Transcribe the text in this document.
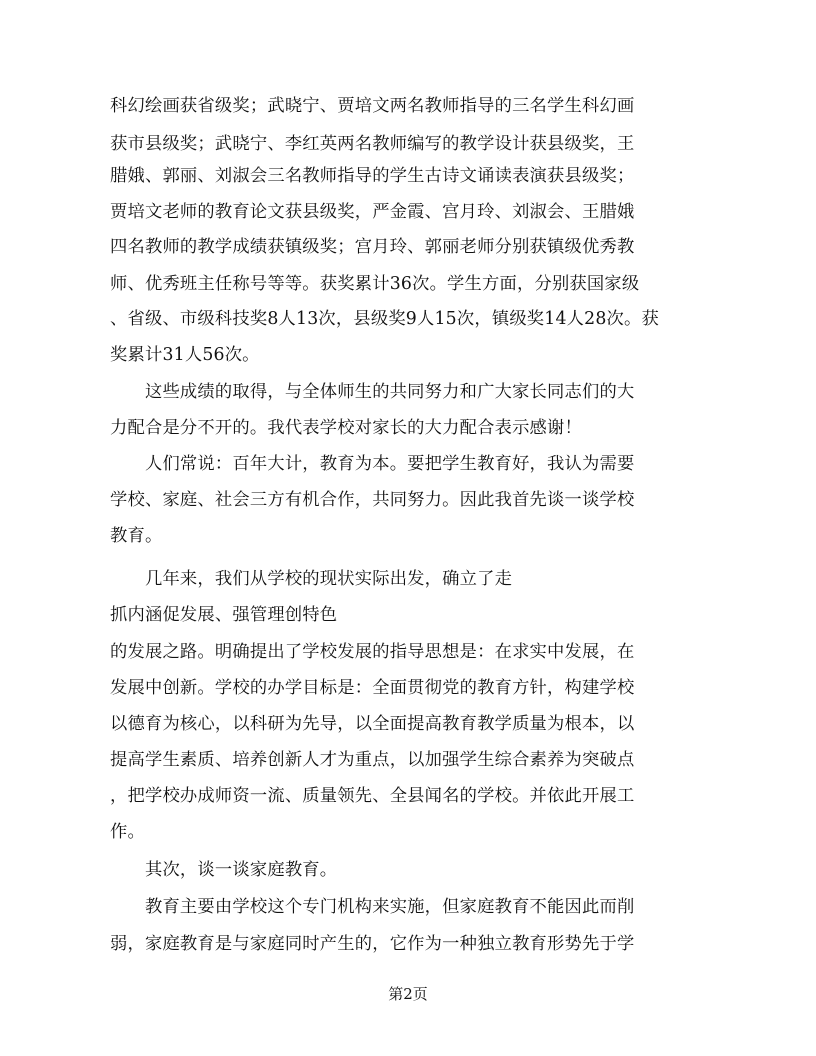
科幻绘画获省级奖；武晓宁、贾培文两名教师指导的三名学生科幻画
获市县级奖；武晓宁、李红英两名教师编写的教学设计获县级奖，王
腊娥、郭丽、刘淑会三名教师指导的学生古诗文诵读表演获县级奖；
贾培文老师的教育论文获县级奖，严金霞、宫月玲、刘淑会、王腊娥
四名教师的教学成绩获镇级奖；宫月玲、郭丽老师分别获镇级优秀教
师、优秀班主任称号等等。获奖累计36次。学生方面，分别获国家级
、省级、市级科技奖8人13次，县级奖9人15次，镇级奖14人28次。获
奖累计31人56次。
　　这些成绩的取得，与全体师生的共同努力和广大家长同志们的大
力配合是分不开的。我代表学校对家长的大力配合表示感谢！
　　人们常说：百年大计，教育为本。要把学生教育好，我认为需要
学校、家庭、社会三方有机合作，共同努力。因此我首先谈一谈学校
教育。
　　几年来，我们从学校的现状实际出发，确立了走
抓内涵促发展、强管理创特色
的发展之路。明确提出了学校发展的指导思想是：在求实中发展，在
发展中创新。学校的办学目标是：全面贯彻党的教育方针，构建学校
以德育为核心，以科研为先导，以全面提高教育教学质量为根本，以
提高学生素质、培养创新人才为重点，以加强学生综合素养为突破点
，把学校办成师资一流、质量领先、全县闻名的学校。并依此开展工
作。
　　其次，谈一谈家庭教育。
　　教育主要由学校这个专门机构来实施，但家庭教育不能因此而削
弱，家庭教育是与家庭同时产生的，它作为一种独立教育形势先于学
第2页
